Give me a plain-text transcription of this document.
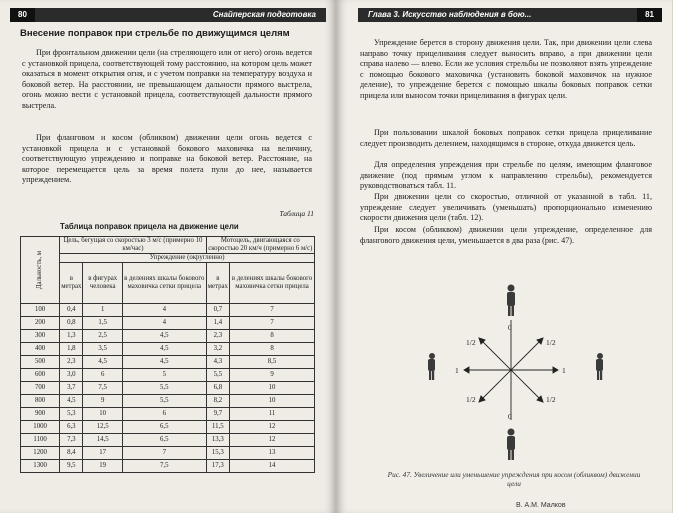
80	Снайперская подготовка
Внесение поправок при стрельбе по движущимся целям

При фронтальном движении цели (на стреляющего или от него) огонь ведется с установкой прицела, соответствующей тому расстоянию, на котором цель может оказаться в момент открытия огня, и с учетом поправки на температуру воздуха и боковой ветер. На расстоянии, не превышающем дальности прямого выстрела, огонь можно вести с установкой прицела, соответствующей дальности прямого выстрела.

При фланговом и косом (обликвом) движении цели огонь ведется с установкой прицела и с установкой бокового маховичка на величину, соответствующую упреждению и поправке на боковой ветер. Расстояние, на которое перемещается цель за время полета пули до нее, называется упреждением.

Таблица 11
Таблица поправок прицела на движение цели
Дальность, м	Цель, бегущая со скоростью 3 м/с (примерно 10 км/час)			Мотоцель, двигающаяся со скоростью 20 км/ч (примерно 6 м/с)	
	Упреждение (округленно)				
	в метрах	в фигурах человека	в делениях шкалы бокового маховичка сетки прицела	в метрах	в делениях шкалы бокового маховичка сетки прицела
100	0,4	1	4	0,7	7
200	0,8	1,5	4	1,4	7
300	1,3	2,5	4,5	2,3	8
400	1,8	3,5	4,5	3,2	8
500	2,3	4,5	4,5	4,3	8,5
600	3,0	6	5	5,5	9
700	3,7	7,5	5,5	6,8	10
800	4,5	9	5,5	8,2	10
900	5,3	10	6	9,7	11
1000	6,3	12,5	6,5	11,5	12
1100	7,3	14,5	6,5	13,3	12
1200	8,4	17	7	15,3	13
1300	9,5	19	7,5	17,3	14
Глава 3. Искусство наблюдения в бою...	81

Упреждение берется в сторону движения цели. Так, при движении цели слева направо точку прицеливания следует выносить вправо, а при движении цели справа налево — влево. Если же условия стрельбы не позволяют взять упреждение с помощью бокового маховичка (установить боковой маховичок на нужное деление), то упреждение берется с помощью шкалы боковых поправок сетки прицела или выносом точки прицеливания в фигурах цели.

При пользовании шкалой боковых поправок сетки прицела прицеливание следует производить делением, находящимся в стороне, откуда движется цель.

Для определения упреждения при стрельбе по целям, имеющим фланговое движение (под прямым углом к направлению стрельбы), рекомендуется руководствоваться табл. 11.

При движении цели со скоростью, отличной от указанной в табл. 11, упреждение следует увеличивать (уменьшать) пропорционально изменению скорости движения цели (табл. 12).

При косом (обликвом) движении цели упреждение, определенное для флангового движения цели, уменьшается в два раза (рис. 47).

0
0
1	1
1/2	1/2
1/2	1/2
Рис. 47. Увеличение или уменьшение упреждения при косом (обликвом) движении цели
В. А.М. Малков
